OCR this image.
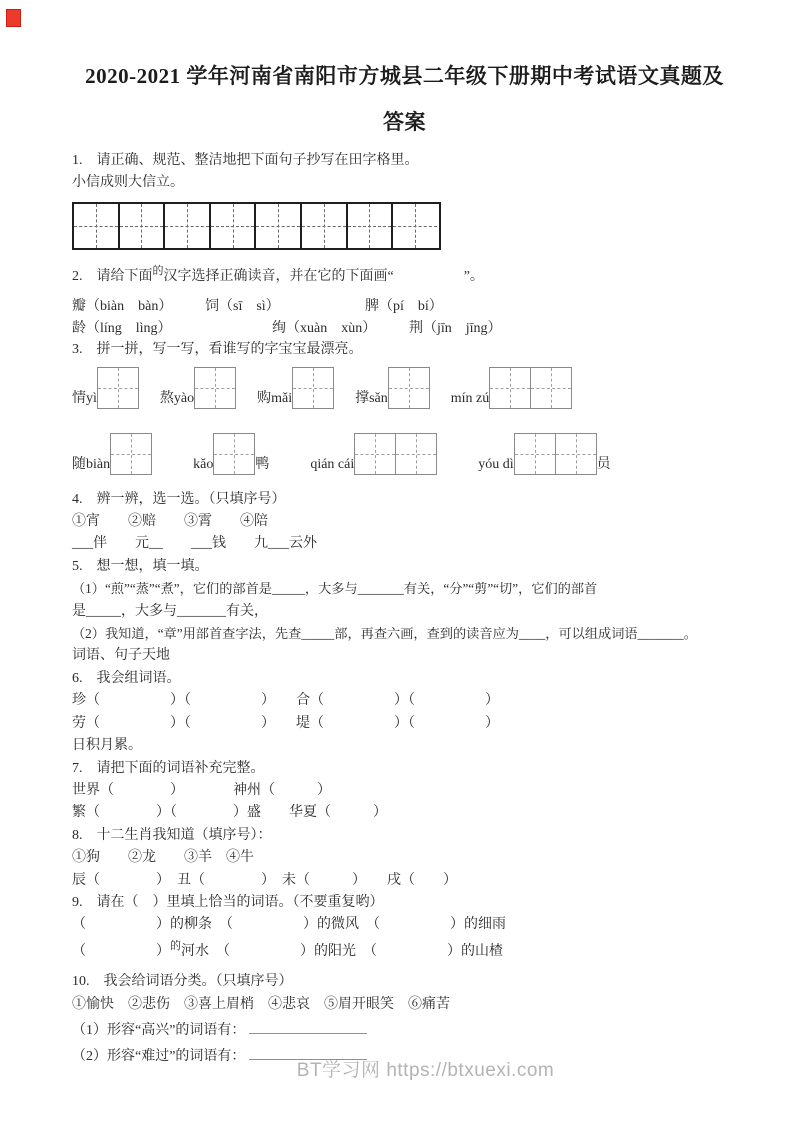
2020-2021 学年河南省南阳市方城县二年级下册期中考试语文真题及
答案
1.　请正确、规范、整洁地把下面句子抄写在田字格里。
小信成则大信立。
2.　请给下面$^的$汉字选择正确读音，并在它的下面画“　　　　　”。
瓣（biàn　bàn）	饲（sī　sì）	脾（pí　bí）
龄（líng　lìng）	绚（xuàn　xùn）	荆（jīn　jīng）
3.　拼一拼，写一写，看谁写的字宝宝最漂亮。
情yì	熬yào	购mǎi	撑sǎn	mín zú
随biàn	kǎo	鸭	qián cái	yóu dì	员
4.　辨一辨，选一选。（只填序号）
①宵　　②赔　　③霄　　④陪
___伴　　元__　　___钱　　九___云外
5.　想一想，填一填。
（1）“煎”“蒸”“煮”，它们的部首是_____，大多与_______有关，“分”“剪”“切”，它们的部首
是_____，大多与_______有关，
（2）我知道，“章”用部首查字法，先查_____部，再查六画，查到的读音应为____，可以组成词语_______。
词语、句子天地
6.　我会组词语。
珍（　　　　　）（　　　　　）　　合（　　　　　）（　　　　　）
劳（　　　　　）（　　　　　）　　堤（　　　　　）（　　　　　）
日积月累。
7.　请把下面的词语补充完整。
世界（　　　　）　　　　神州（　　　）
繁（　　　　）（　　　　）盛　　华夏（　　　）
8.　十二生肖我知道（填序号）：
①狗　　②龙　　③羊　④牛
辰（　　　　）　丑（　　　　）　未（　　　）　　戌（　　）
9.　请在（　）里填上恰当的词语。（不要重复哟）
（　　　　　）的柳条　（　　　　　）的微风　（　　　　　）的细雨
（　　　　　）$^的$河水　（　　　　　）的阳光　（　　　　　）的山楂
10.　我会给词语分类。（只填序号）
①愉快　②悲伤　③喜上眉梢　④悲哀　⑤眉开眼笑　⑥痛苦
（1）形容“高兴”的词语有：
（2）形容“难过”的词语有：
BT学习网 https://btxuexi.com
